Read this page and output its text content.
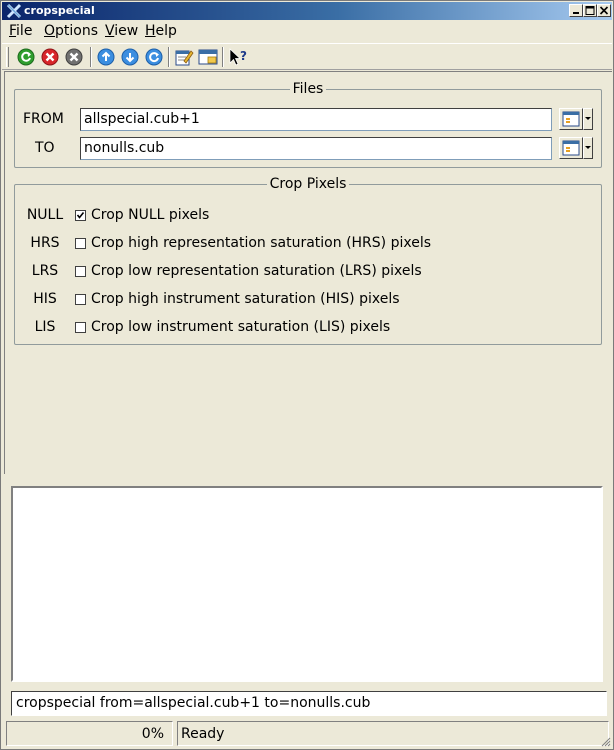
cropspecial
File Options View Help
?
Files
FROM allspecial.cub+1
TO nonulls.cub
Crop Pixels
NULL Crop NULL pixels
HRS	Crop high representation saturation (HRS) pixels
LRS	Crop low representation saturation (LRS) pixels
HIS	Crop high instrument saturation (HIS) pixels
LIS	Crop low instrument saturation (LIS) pixels
cropspecial from=allspecial.cub+1 to=nonulls.cub
0% Ready
